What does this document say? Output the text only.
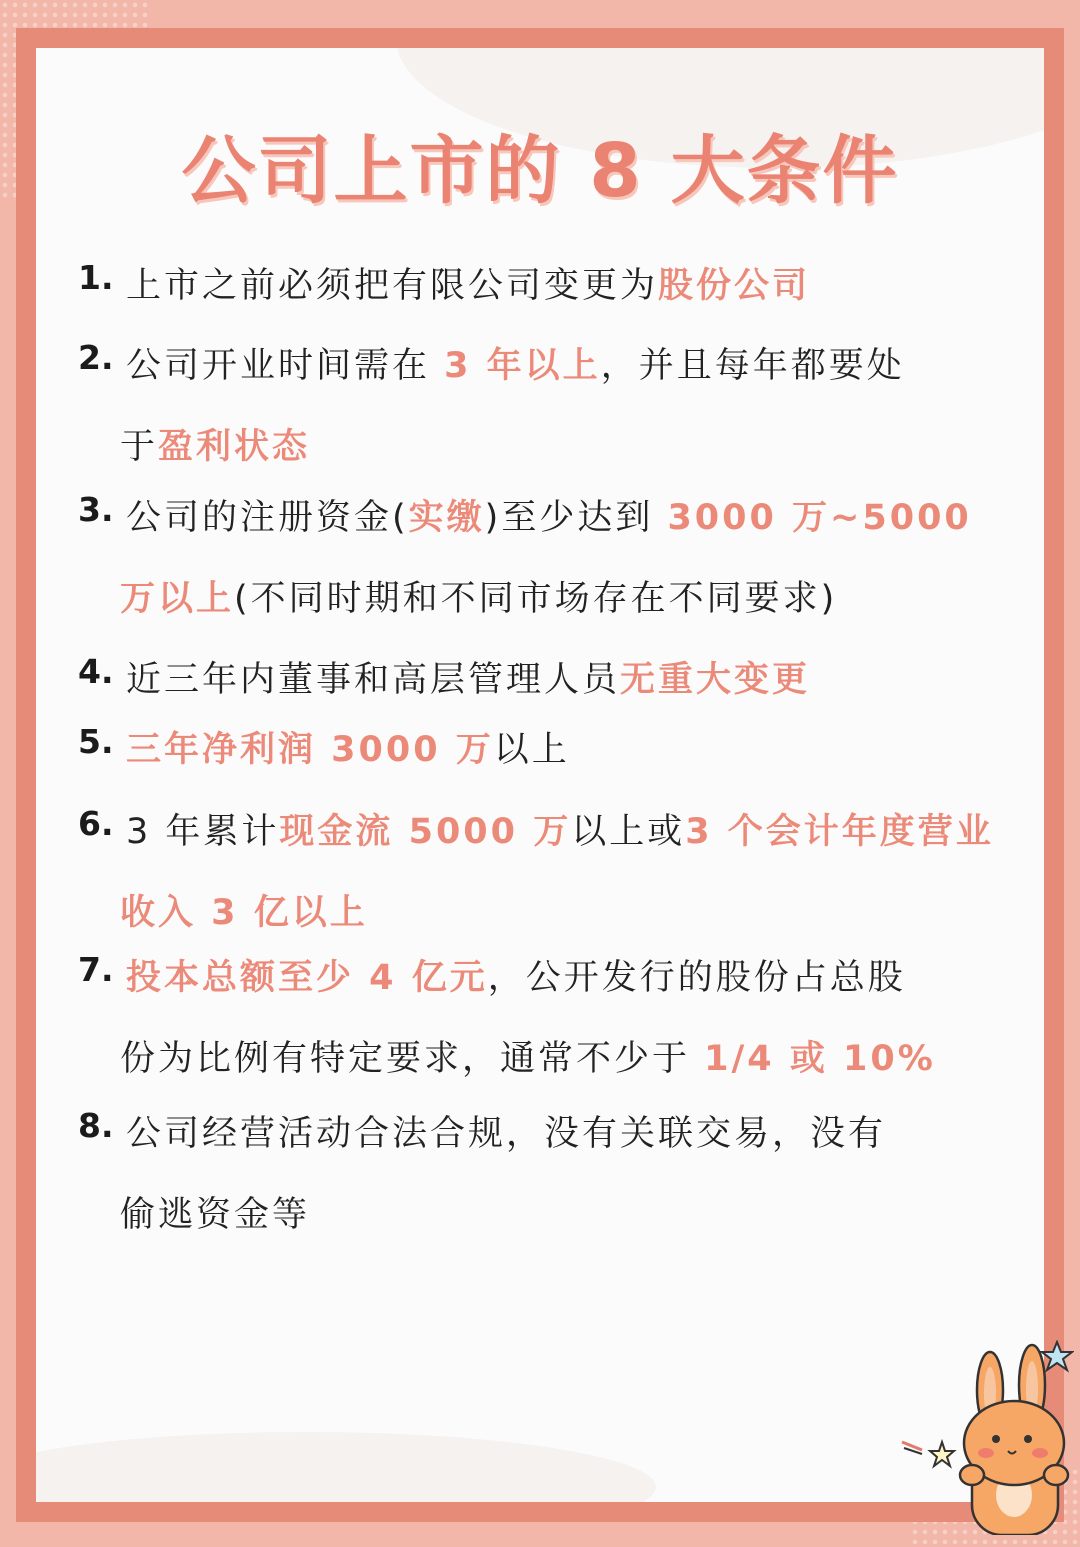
公司上市的 8 大条件
1. 上市之前必须把有限公司变更为股份公司
2. 公司开业时间需在 3 年以上，并且每年都要处
于盈利状态
3. 公司的注册资金(实缴)至少达到 3000 万~5000
万以上(不同时期和不同市场存在不同要求)
4. 近三年内董事和高层管理人员无重大变更
5. 三年净利润 3000 万以上
6. 3 年累计现金流 5000 万以上或3 个会计年度营业
收入 3 亿以上
7. 投本总额至少 4 亿元，公开发行的股份占总股
份为比例有特定要求，通常不少于 1/4 或 10%
8. 公司经营活动合法合规，没有关联交易，没有
偷逃资金等
